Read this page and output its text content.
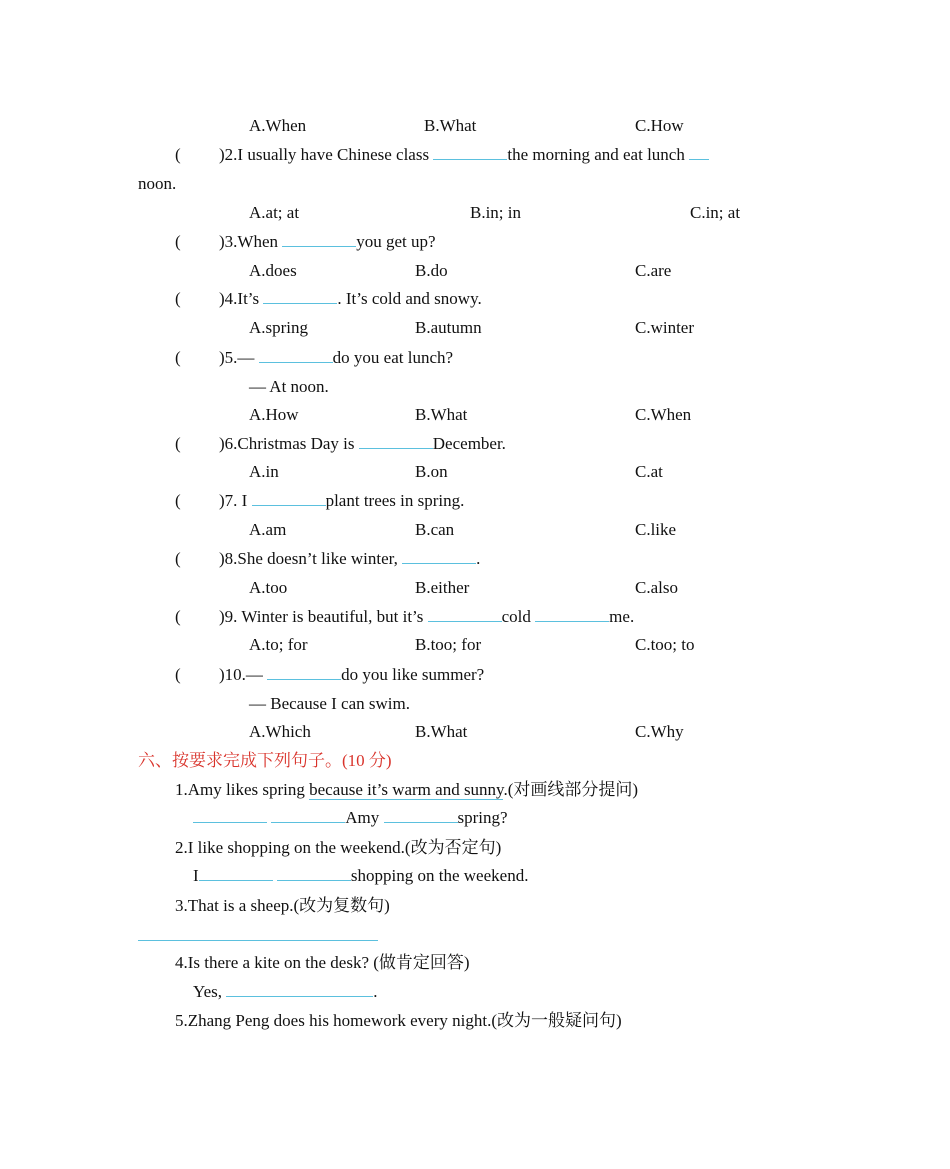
A.When	B.What	C.How
( )2.I usually have Chinese class	the morning and eat lunch
noon.
A.at; at	B.in; in	C.in; at
( )3.When	you get up?
A.does	B.do	C.are
( )4.It’s	. It’s cold and snowy.
A.spring	B.autumn	C.winter
( )5.—	do you eat lunch?
— At noon.
A.How	B.What	C.When
( )6.Christmas Day is	December.
A.in	B.on	C.at
( )7. I	plant trees in spring.
A.am	B.can	C.like
( )8.She doesn’t like winter,	.
A.too	B.either	C.also
( )9. Winter is beautiful, but it’s	cold	me.
A.to; for	B.too; for	C.too; to
( )10.—	do you like summer?
— Because I can swim.
A.Which	B.What	C.Why
六、按要求完成下列句子。(10 分)
1.Amy likes spring because it’s warm and sunny.(对画线部分提问)
Amy	spring?
2.I like shopping on the weekend.(改为否定句)
I	shopping on the weekend.
3.That is a sheep.(改为复数句)
4.Is there a kite on the desk? (做肯定回答)
Yes,	.
5.Zhang Peng does his homework every night.(改为一般疑问句)
